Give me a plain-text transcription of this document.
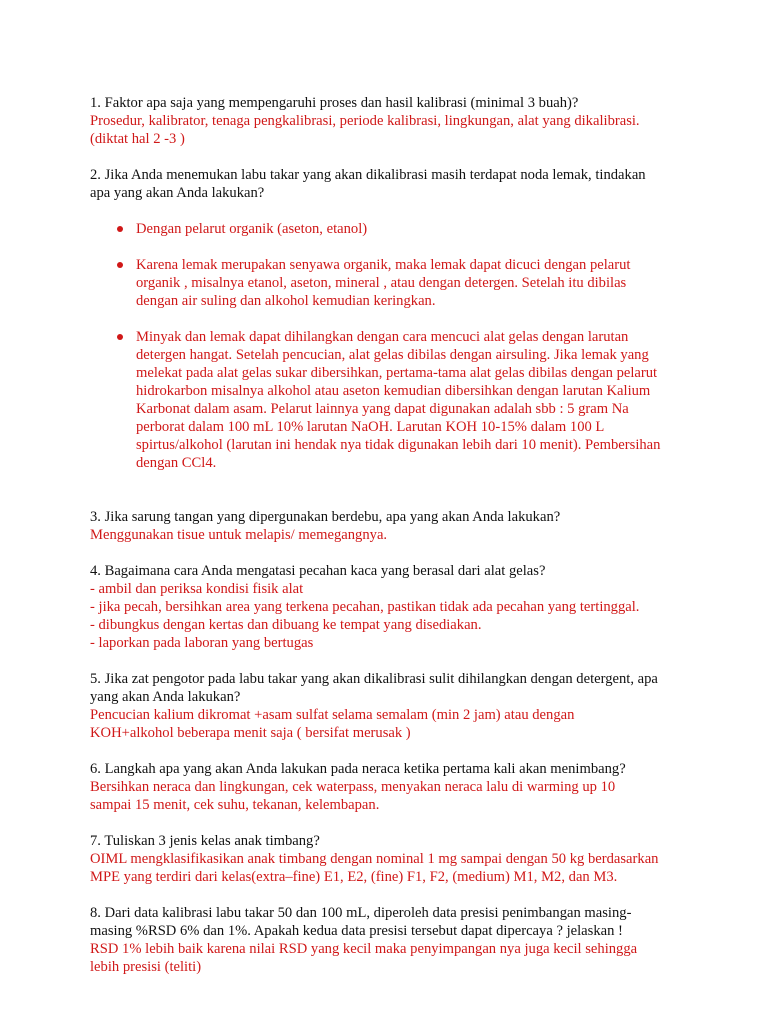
1. Faktor apa saja yang mempengaruhi proses dan hasil kalibrasi (minimal 3 buah)?
Prosedur, kalibrator, tenaga pengkalibrasi, periode kalibrasi, lingkungan, alat yang dikalibrasi.
(diktat hal 2 -3 )
2. Jika Anda menemukan labu takar yang akan dikalibrasi masih terdapat noda lemak, tindakan
apa yang akan Anda lakukan?

Dengan pelarut organik (aseton, etanol)

Karena lemak merupakan senyawa organik, maka lemak dapat dicuci dengan pelarut
organik , misalnya etanol, aseton, mineral , atau dengan detergen. Setelah itu dibilas
dengan air suling dan alkohol kemudian keringkan.

Minyak dan lemak dapat dihilangkan dengan cara mencuci alat gelas dengan larutan
detergen hangat. Setelah pencucian, alat gelas dibilas dengan airsuling. Jika lemak yang
melekat pada alat gelas sukar dibersihkan, pertama-tama alat gelas dibilas dengan pelarut
hidrokarbon misalnya alkohol atau aseton kemudian dibersihkan dengan larutan Kalium
Karbonat dalam asam. Pelarut lainnya yang dapat digunakan adalah sbb : 5 gram Na
perborat dalam 100 mL 10% larutan NaOH. Larutan KOH 10-15% dalam 100 L
spirtus/alkohol (larutan ini hendak nya tidak digunakan lebih dari 10 menit). Pembersihan
dengan CCl4.

3. Jika sarung tangan yang dipergunakan berdebu, apa yang akan Anda lakukan?
Menggunakan tisue untuk melapis/ memegangnya.
4. Bagaimana cara Anda mengatasi pecahan kaca yang berasal dari alat gelas?
- ambil dan periksa kondisi fisik alat
- jika pecah, bersihkan area yang terkena pecahan, pastikan tidak ada pecahan yang tertinggal.
- dibungkus dengan kertas dan dibuang ke tempat yang disediakan.
- laporkan pada laboran yang bertugas
5. Jika zat pengotor pada labu takar yang akan dikalibrasi sulit dihilangkan dengan detergent, apa
yang akan Anda lakukan?
Pencucian kalium dikromat +asam sulfat selama semalam (min 2 jam) atau dengan
KOH+alkohol beberapa menit saja ( bersifat merusak )
6. Langkah apa yang akan Anda lakukan pada neraca ketika pertama kali akan menimbang?
Bersihkan neraca dan lingkungan, cek waterpass, menyakan neraca lalu di warming up 10
sampai 15 menit, cek suhu, tekanan, kelembapan.
7. Tuliskan 3 jenis kelas anak timbang?
OIML mengklasifikasikan anak timbang dengan nominal 1 mg sampai dengan 50 kg berdasarkan
MPE yang terdiri dari kelas(extra–fine) E1, E2, (fine) F1, F2, (medium) M1, M2, dan M3.
8. Dari data kalibrasi labu takar 50 dan 100 mL, diperoleh data presisi penimbangan masing-
masing %RSD 6% dan 1%. Apakah kedua data presisi tersebut dapat dipercaya ? jelaskan !
RSD 1% lebih baik karena nilai RSD yang kecil maka penyimpangan nya juga kecil sehingga
lebih presisi (teliti)
